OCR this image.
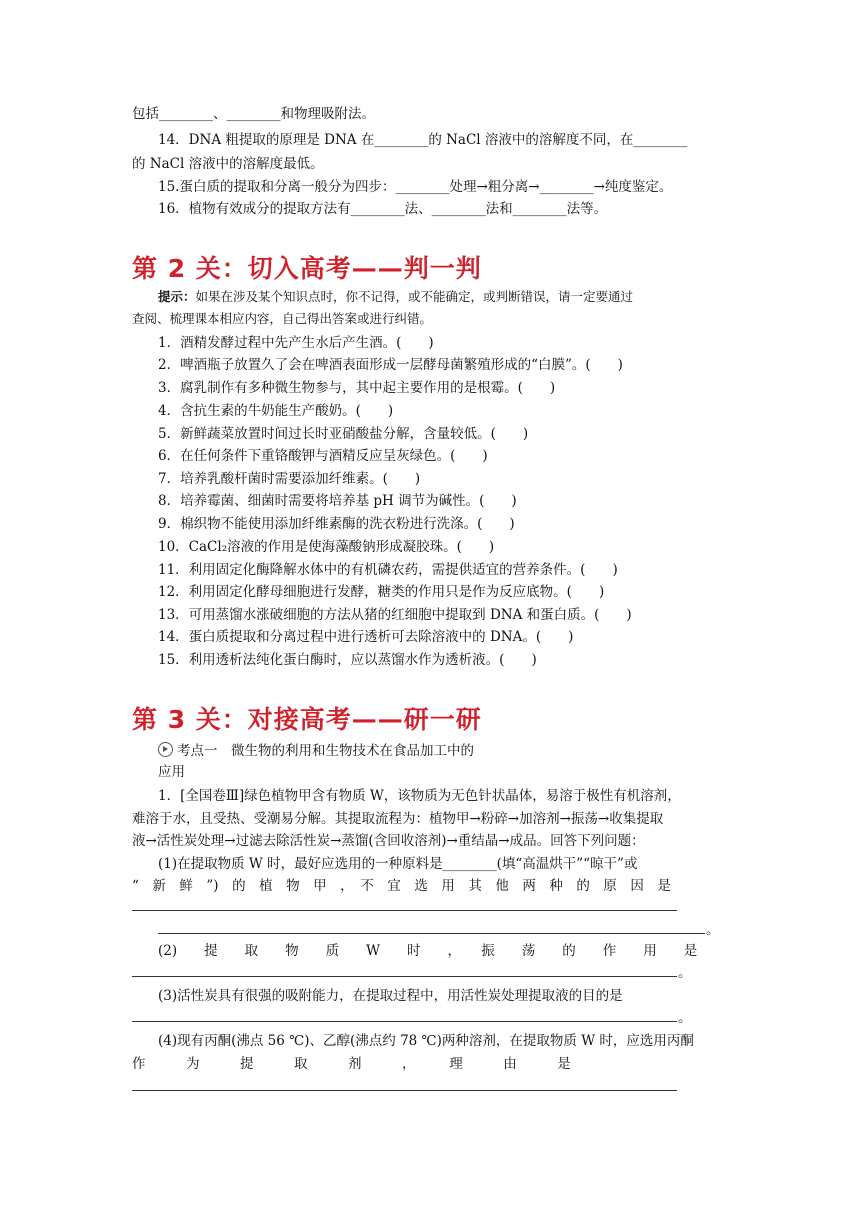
包括________、________和物理吸附法。
14．DNA 粗提取的原理是 DNA 在________的 NaCl 溶液中的溶解度不同，在________
的 NaCl 溶液中的溶解度最低。
15.蛋白质的提取和分离一般分为四步：________处理→粗分离→________→纯度鉴定。
16．植物有效成分的提取方法有________法、________法和________法等。
第 2 关：切入高考——判一判
提示：如果在涉及某个知识点时，你不记得，或不能确定，或判断错误，请一定要通过
查阅、梳理课本相应内容，自己得出答案或进行纠错。
1．酒精发酵过程中先产生水后产生酒。(　　)
2．啤酒瓶子放置久了会在啤酒表面形成一层酵母菌繁殖形成的“白膜”。(　　)
3．腐乳制作有多种微生物参与，其中起主要作用的是根霉。(　　)
4．含抗生素的牛奶能生产酸奶。(　　)
5．新鲜蔬菜放置时间过长时亚硝酸盐分解，含量较低。(　　)
6．在任何条件下重铬酸钾与酒精反应呈灰绿色。(　　)
7．培养乳酸杆菌时需要添加纤维素。(　　)
8．培养霉菌、细菌时需要将培养基 pH 调节为碱性。(　　)
9．棉织物不能使用添加纤维素酶的洗衣粉进行洗涤。(　　)
10．CaCl₂溶液的作用是使海藻酸钠形成凝胶珠。(　　)
11．利用固定化酶降解水体中的有机磷农药，需提供适宜的营养条件。(　　)
12．利用固定化酵母细胞进行发酵，糖类的作用只是作为反应底物。(　　)
13．可用蒸馏水涨破细胞的方法从猪的红细胞中提取到 DNA 和蛋白质。(　　)
14．蛋白质提取和分离过程中进行透析可去除溶液中的 DNA。(　　)
15．利用透析法纯化蛋白酶时，应以蒸馏水作为透析液。(　　)
第 3 关：对接高考——研一研
考点一　微生物的利用和生物技术在食品加工中的
应用
1．[全国卷Ⅲ]绿色植物甲含有物质 W，该物质为无色针状晶体，易溶于极性有机溶剂，
难溶于水，且受热、受潮易分解。其提取流程为：植物甲→粉碎→加溶剂→振荡→收集提取
液→活性炭处理→过滤去除活性炭→蒸馏(含回收溶剂)→重结晶→成品。回答下列问题：
(1)在提取物质 W 时，最好应选用的一种原料是________(填“高温烘干”“晾干”或
“　新　鲜　”)　的　植　物　甲　，　不　宜　选　用　其　他　两　种　的　原　因　是
。
(2)　　提　　取　　物　　质　　W　　时　　，　　振　　荡　　的　　作　　用　　是
。
(3)活性炭具有很强的吸附能力，在提取过程中，用活性炭处理提取液的目的是
。
(4)现有丙酮(沸点 56 ℃)、乙醇(沸点约 78 ℃)两种溶剂，在提取物质 W 时，应选用丙酮
作　　　为　　　提　　　取　　　剂　　　，　　　理　　　由　　　是
